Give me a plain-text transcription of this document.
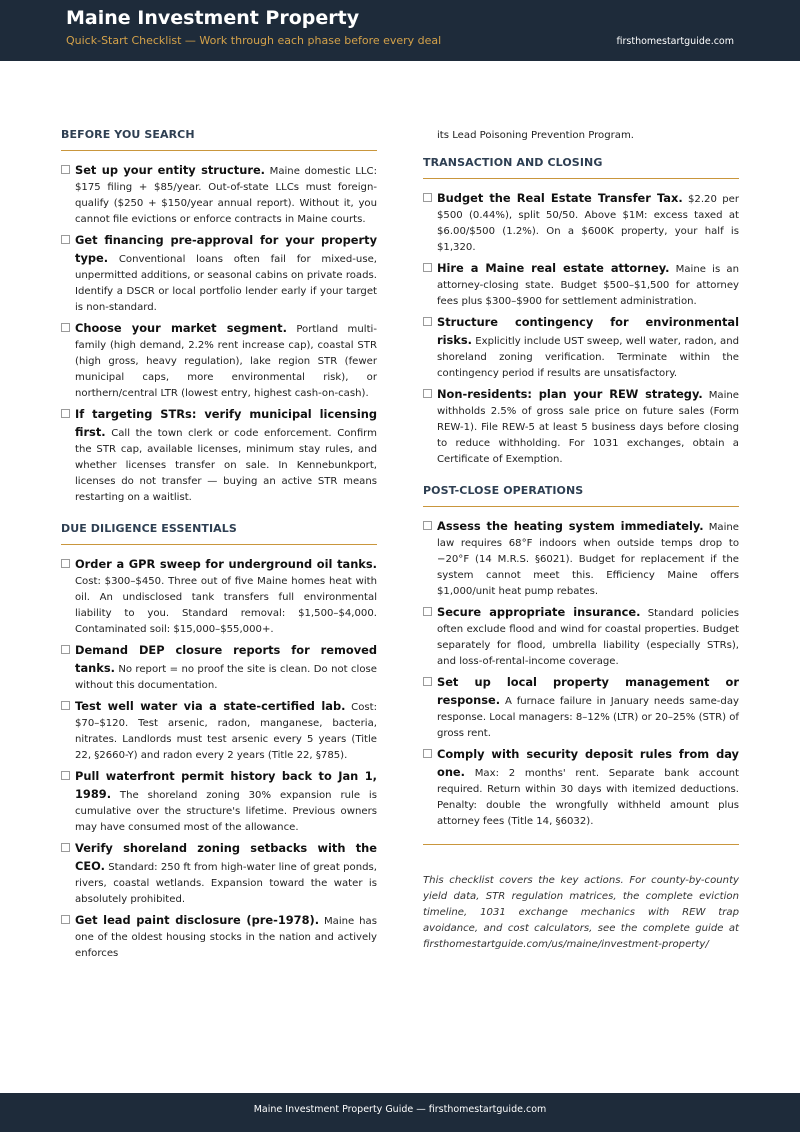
Maine Investment Property
Quick-Start Checklist — Work through each phase before every deal	firsthomestartguide.com
BEFORE YOU SEARCH
Set up your entity structure. Maine domestic LLC: $175 filing + $85/year. Out-of-state LLCs must foreign-qualify ($250 + $150/year annual report). Without it, you cannot file evictions or enforce contracts in Maine courts.
Get financing pre-approval for your property type. Conventional loans often fail for mixed-use, unpermitted additions, or seasonal cabins on private roads. Identify a DSCR or local portfolio lender early if your target is non-standard.
Choose your market segment. Portland multi-family (high demand, 2.2% rent increase cap), coastal STR (high gross, heavy regulation), lake region STR (fewer municipal caps, more environmental risk), or northern/central LTR (lowest entry, highest cash-on-cash).
If targeting STRs: verify municipal licensing first. Call the town clerk or code enforcement. Confirm the STR cap, available licenses, minimum stay rules, and whether licenses transfer on sale. In Kennebunkport, licenses do not transfer — buying an active STR means restarting on a waitlist.
DUE DILIGENCE ESSENTIALS
Order a GPR sweep for underground oil tanks. Cost: $300–$450. Three out of five Maine homes heat with oil. An undisclosed tank transfers full environmental liability to you. Standard removal: $1,500–$4,000. Contaminated soil: $15,000–$55,000+.
Demand DEP closure reports for removed tanks. No report = no proof the site is clean. Do not close without this documentation.
Test well water via a state-certified lab. Cost: $70–$120. Test arsenic, radon, manganese, bacteria, nitrates. Landlords must test arsenic every 5 years (Title 22, §2660-Y) and radon every 2 years (Title 22, §785).
Pull waterfront permit history back to Jan 1, 1989. The shoreland zoning 30% expansion rule is cumulative over the structure's lifetime. Previous owners may have consumed most of the allowance.
Verify shoreland zoning setbacks with the CEO. Standard: 250 ft from high-water line of great ponds, rivers, coastal wetlands. Expansion toward the water is absolutely prohibited.
Get lead paint disclosure (pre-1978). Maine has one of the oldest housing stocks in the nation and actively enforces
its Lead Poisoning Prevention Program.
TRANSACTION AND CLOSING
Budget the Real Estate Transfer Tax. $2.20 per $500 (0.44%), split 50/50. Above $1M: excess taxed at $6.00/$500 (1.2%). On a $600K property, your half is $1,320.
Hire a Maine real estate attorney. Maine is an attorney-closing state. Budget $500–$1,500 for attorney fees plus $300–$900 for settlement administration.
Structure contingency for environmental risks. Explicitly include UST sweep, well water, radon, and shoreland zoning verification. Terminate within the contingency period if results are unsatisfactory.
Non-residents: plan your REW strategy. Maine withholds 2.5% of gross sale price on future sales (Form REW-1). File REW-5 at least 5 business days before closing to reduce withholding. For 1031 exchanges, obtain a Certificate of Exemption.
POST-CLOSE OPERATIONS
Assess the heating system immediately. Maine law requires 68°F indoors when outside temps drop to −20°F (14 M.R.S. §6021). Budget for replacement if the system cannot meet this. Efficiency Maine offers $1,000/unit heat pump rebates.
Secure appropriate insurance. Standard policies often exclude flood and wind for coastal properties. Budget separately for flood, umbrella liability (especially STRs), and loss-of-rental-income coverage.
Set up local property management or response. A furnace failure in January needs same-day response. Local managers: 8–12% (LTR) or 20–25% (STR) of gross rent.
Comply with security deposit rules from day one. Max: 2 months' rent. Separate bank account required. Return within 30 days with itemized deductions. Penalty: double the wrongfully withheld amount plus attorney fees (Title 14, §6032).
This checklist covers the key actions. For county-by-county yield data, STR regulation matrices, the complete eviction timeline, 1031 exchange mechanics with REW trap avoidance, and cost calculators, see the complete guide at firsthomestartguide.com/us/maine/investment-property/
Maine Investment Property Guide — firsthomestartguide.com
